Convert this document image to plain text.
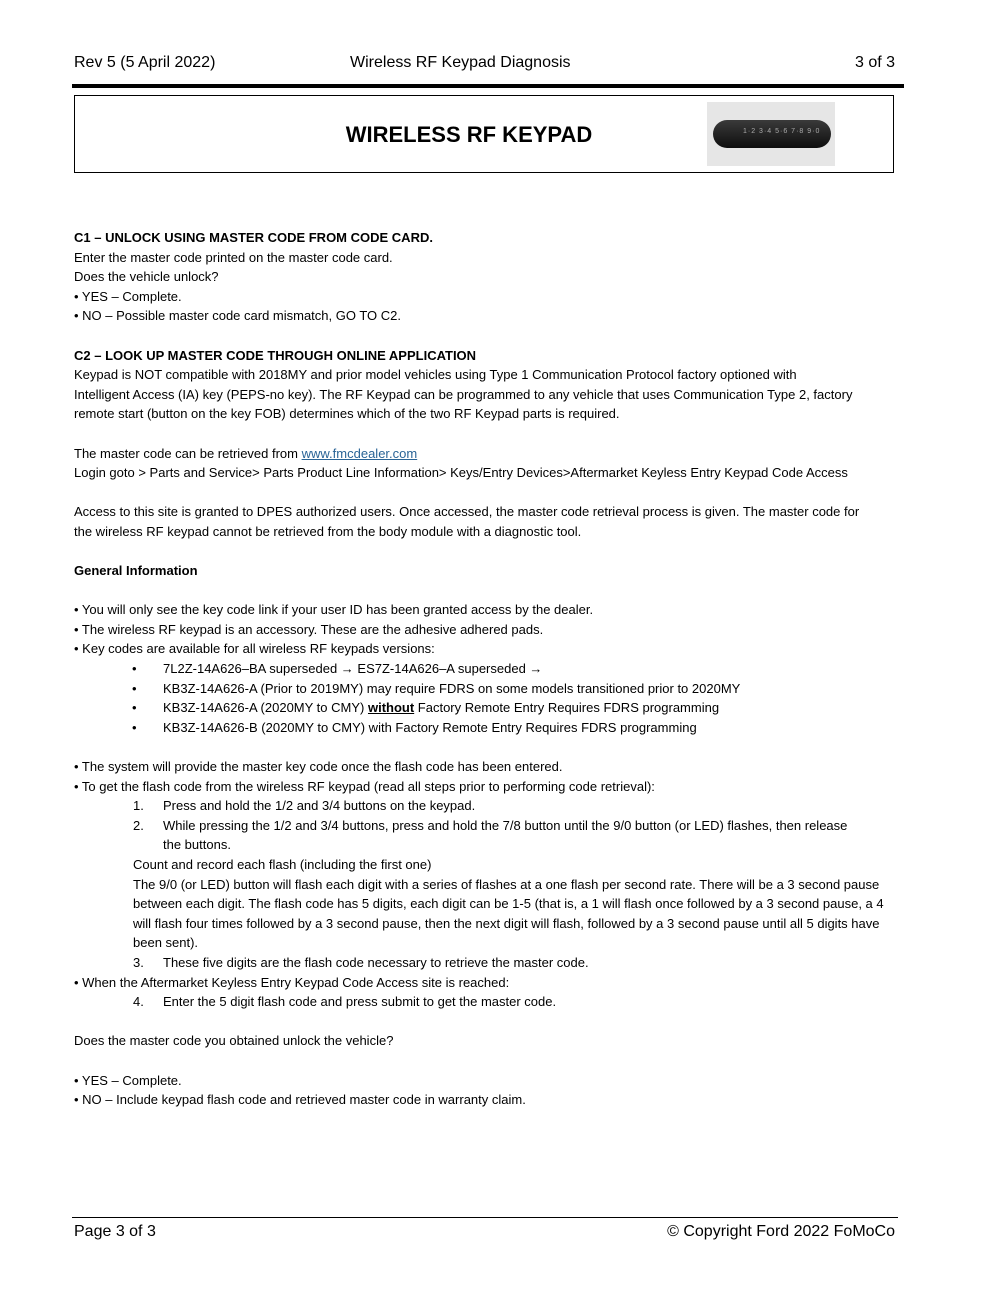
Rev 5 (5 April 2022)	Wireless RF Keypad Diagnosis	3 of 3
WIRELESS RF KEYPAD	1·2 3·4 5·6 7·8 9·0

C1 – UNLOCK USING MASTER CODE FROM CODE CARD.

Enter the master code printed on the master code card.

Does the vehicle unlock?

• YES – Complete.

• NO – Possible master code card mismatch, GO TO C2.

C2 – LOOK UP MASTER CODE THROUGH ONLINE APPLICATION

Keypad is NOT compatible with 2018MY and prior model vehicles using Type 1 Communication Protocol factory optioned with

Intelligent Access (IA) key (PEPS-no key). The RF Keypad can be programmed to any vehicle that uses Communication Type 2, factory

remote start (button on the key FOB) determines which of the two RF Keypad parts is required.

The master code can be retrieved from www.fmcdealer.com

Login goto > Parts and Service> Parts Product Line Information> Keys/Entry Devices>Aftermarket Keyless Entry Keypad Code Access

Access to this site is granted to DPES authorized users. Once accessed, the master code retrieval process is given. The master code for

the wireless RF keypad cannot be retrieved from the body module with a diagnostic tool.

General Information

• You will only see the key code link if your user ID has been granted access by the dealer.

• The wireless RF keypad is an accessory. These are the adhesive adhered pads.

• Key codes are available for all wireless RF keypads versions:

• 7L2Z-14A626–BA superseded → ES7Z-14A626–A superseded →

• KB3Z-14A626-A (Prior to 2019MY) may require FDRS on some models transitioned prior to 2020MY

• KB3Z-14A626-A (2020MY to CMY) without Factory Remote Entry Requires FDRS programming

• KB3Z-14A626-B (2020MY to CMY) with Factory Remote Entry Requires FDRS programming

• The system will provide the master key code once the flash code has been entered.

• To get the flash code from the wireless RF keypad (read all steps prior to performing code retrieval):

1. Press and hold the 1/2 and 3/4 buttons on the keypad.

2. While pressing the 1/2 and 3/4 buttons, press and hold the 7/8 button until the 9/0 button (or LED) flashes, then release

the buttons.

Count and record each flash (including the first one)

The 9/0 (or LED) button will flash each digit with a series of flashes at a one flash per second rate. There will be a 3 second pause between each digit. The flash code has 5 digits, each digit can be 1-5 (that is, a 1 will flash once followed by a 3 second pause, a 4 will flash four times followed by a 3 second pause, then the next digit will flash, followed by a 3 second pause until all 5 digits have been sent).

3. These five digits are the flash code necessary to retrieve the master code.

• When the Aftermarket Keyless Entry Keypad Code Access site is reached:

4. Enter the 5 digit flash code and press submit to get the master code.

Does the master code you obtained unlock the vehicle?

• YES – Complete.

• NO – Include keypad flash code and retrieved master code in warranty claim.

Page 3 of 3	© Copyright Ford 2022 FoMoCo
